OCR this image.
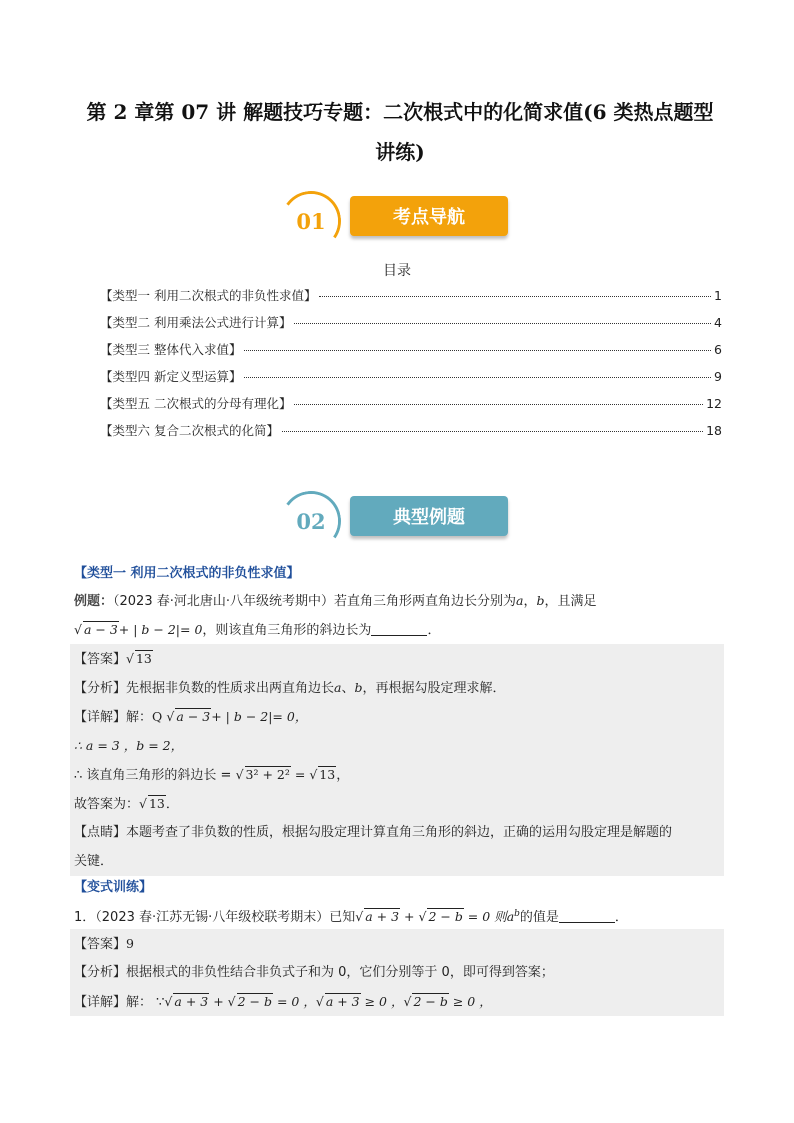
第 2 章第 07 讲 解题技巧专题：二次根式中的化简求值(6 类热点题型
讲练)
01	考点导航
目录
【类型一 利用二次根式的非负性求值】	1
【类型二 利用乘法公式进行计算】	4
【类型三 整体代入求值】	6
【类型四 新定义型运算】	9
【类型五 二次根式的分母有理化】	12
【类型六 复合二次根式的化简】	18
02	典型例题
【类型一 利用二次根式的非负性求值】
例题：（2023 春·河北唐山·八年级统考期中）若直角三角形两直角边长分别为a，b，且满足
√ a − 3+ | b − 2|= 0，则该直角三角形的斜边长为	．
【答案】√ 13
【分析】先根据非负数的性质求出两直角边长a、b，再根据勾股定理求解．
【详解】解：Q √ a − 3+ | b − 2|= 0，
∴ a = 3 ，b = 2，
∴ 该直角三角形的斜边长 = √ 3² + 2² = √ 13，
故答案为：√ 13．
【点睛】本题考查了非负数的性质，根据勾股定理计算直角三角形的斜边，正确的运用勾股定理是解题的
关键．
【变式训练】
1．（2023 春·江苏无锡·八年级校联考期末）已知√ a + 3 + √ 2 − b = 0 则$a^b$的值是	．
【答案】9
【分析】根据根式的非负性结合非负式子和为 0，它们分别等于 0，即可得到答案；
【详解】解： ∵√ a + 3 + √ 2 − b = 0 ，√ a + 3 ≥ 0 ，√ 2 − b ≥ 0 ，
